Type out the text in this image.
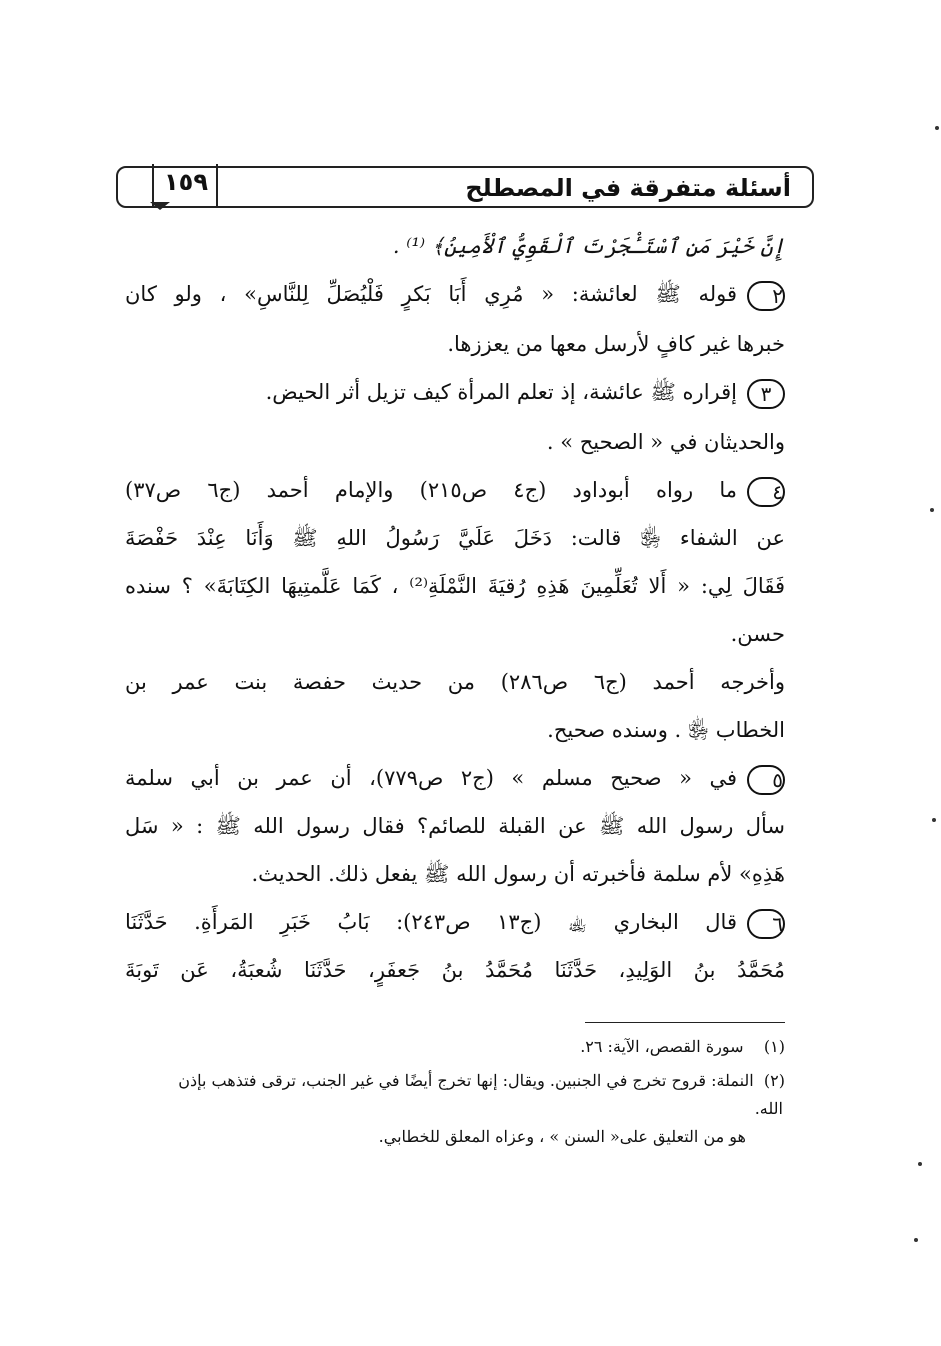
١٥٩	أسئلة متفرقة في المصطلح
إِنَّ خَيْرَ مَنِ ٱسْتَـْٔجَرْتَ ٱلْقَوِيُّ ٱلْأَمِينُ﴾ ⁽¹⁾ .
٢قوله ﷺ لعائشة: « مُرِي أَبَا بَكرٍ فَلْيُصَلِّ لِلنَّاسِ» ، ولو كان
خبرها غير كافٍ لأرسل معها من يعززها.
٣إقراره ﷺ عائشة، إذ تعلم المرأة كيف تزيل أثر الحيض.
والحديثان في « الصحيح » .
٤ما رواه أبوداود (ج٤ ص٢١٥) والإمام أحمد (ج٦ ص٣٧)
عن الشفاء ﵂ قالت: دَخَلَ عَلَيَّ رَسُولُ اللهِ ﷺ وَأَنَا عِنْدَ حَفْصَةَ
فَقَالَ لِي: « أَلا تُعَلِّمِينَ هَذِهِ رُقيَةَ النَّمْلَةِ⁽²⁾ ، كَمَا عَلَّمتِيهَا الكِتَابَةَ» ؟ سنده
حسن.
وأخرجه أحمد (ج٦ ص٢٨٦) من حديث حفصة بنت عمر بن
الخطاب ﵂ . وسنده صحيح.
٥في « صحيح مسلم » (ج٢ ص٧٧٩)، أن عمر بن أبي سلمة
سأل رسول الله ﷺ عن القبلة للصائم؟ فقال رسول الله ﷺ : « سَل
هَذِهِ» لأم سلمة فأخبرته أن رسول الله ﷺ يفعل ذلك. الحديث.
٦قال البخاري ﵀ (ج١٣ ص٢٤٣): بَابُ خَبَرِ المَرأَةِ. حَدَّثَنَا
مُحَمَّدُ بنُ الوَلِيدِ، حَدَّثَنَا مُحَمَّدُ بنُ جَعفَرٍ، حَدَّثَنَا شُعبَةُ، عَن تَوبَةَ
(١)    سورة القصص، الآية: ٢٦.
(٢)  النملة: قروح تخرج في الجنبين. ويقال: إنها تخرج أيضًا في غير الجنب، ترقى فتذهب بإذن
الله.
هو من التعليق على« السنن » ، وعزاه المعلق للخطابي.
